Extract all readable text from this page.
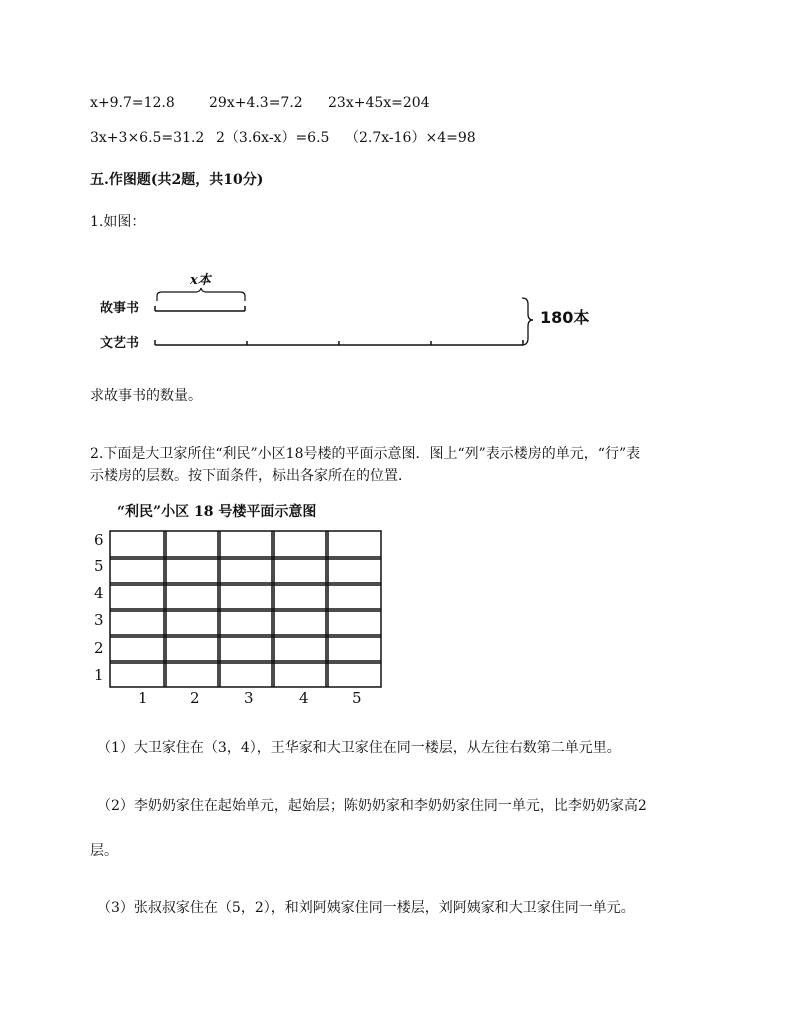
x+9.7=12.8 29x+4.3=7.2 23x+45x=204
3x+3×6.5=31.2 2（3.6x-x）=6.5 （2.7x-16）×4=98
五.作图题(共2题，共10分)
1.如图：
x本
故事书
文艺书
180本
求故事书的数量。
2.下面是大卫家所住“利民”小区18号楼的平面示意图．图上“列”表示楼房的单元，“行”表
示楼房的层数。按下面条件，标出各家所在的位置．
“利民”小区 18 号楼平面示意图
6
5
4
3
2
1
1	2	3	4	5
（1）大卫家住在（3，4），王华家和大卫家住在同一楼层，从左往右数第二单元里。
（2）李奶奶家住在起始单元，起始层；陈奶奶家和李奶奶家住同一单元，比李奶奶家高2
层。
（3）张叔叔家住在（5，2），和刘阿姨家住同一楼层，刘阿姨家和大卫家住同一单元。
